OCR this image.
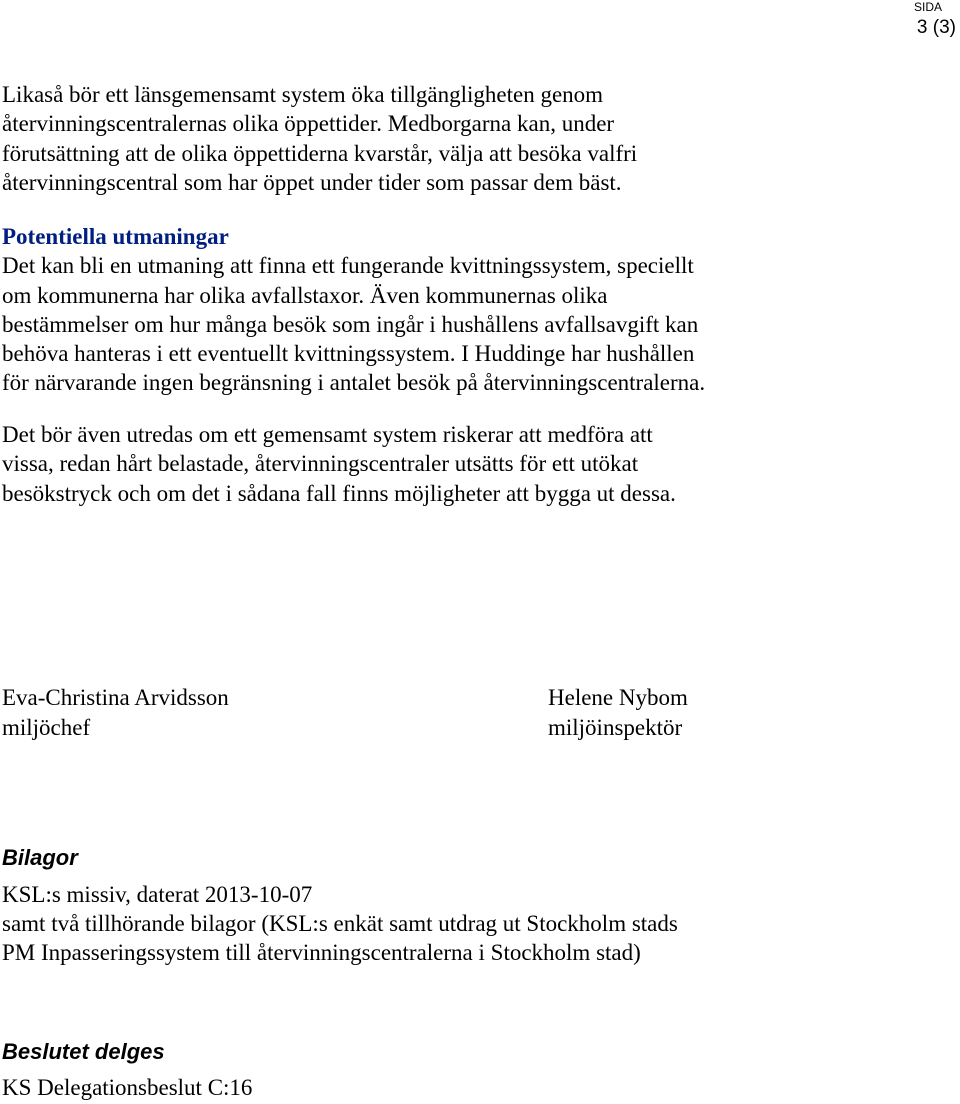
SIDA
3 (3)
Likaså bör ett länsgemensamt system öka tillgängligheten genom
återvinningscentralernas olika öppettider. Medborgarna kan, under
förutsättning att de olika öppettiderna kvarstår, välja att besöka valfri
återvinningscentral som har öppet under tider som passar dem bäst.
Potentiella utmaningar
Det kan bli en utmaning att finna ett fungerande kvittningssystem, speciellt
om kommunerna har olika avfallstaxor. Även kommunernas olika
bestämmelser om hur många besök som ingår i hushållens avfallsavgift kan
behöva hanteras i ett eventuellt kvittningssystem. I Huddinge har hushållen
för närvarande ingen begränsning i antalet besök på återvinningscentralerna.
Det bör även utredas om ett gemensamt system riskerar att medföra att
vissa, redan hårt belastade, återvinningscentraler utsätts för ett utökat
besökstryck och om det i sådana fall finns möjligheter att bygga ut dessa.
Eva-Christina Arvidsson
miljöchef
Helene Nybom
miljöinspektör
Bilagor
KSL:s missiv, daterat 2013-10-07
samt två tillhörande bilagor (KSL:s enkät samt utdrag ut Stockholm stads
PM Inpasseringssystem till återvinningscentralerna i Stockholm stad)
Beslutet delges
KS Delegationsbeslut C:16
